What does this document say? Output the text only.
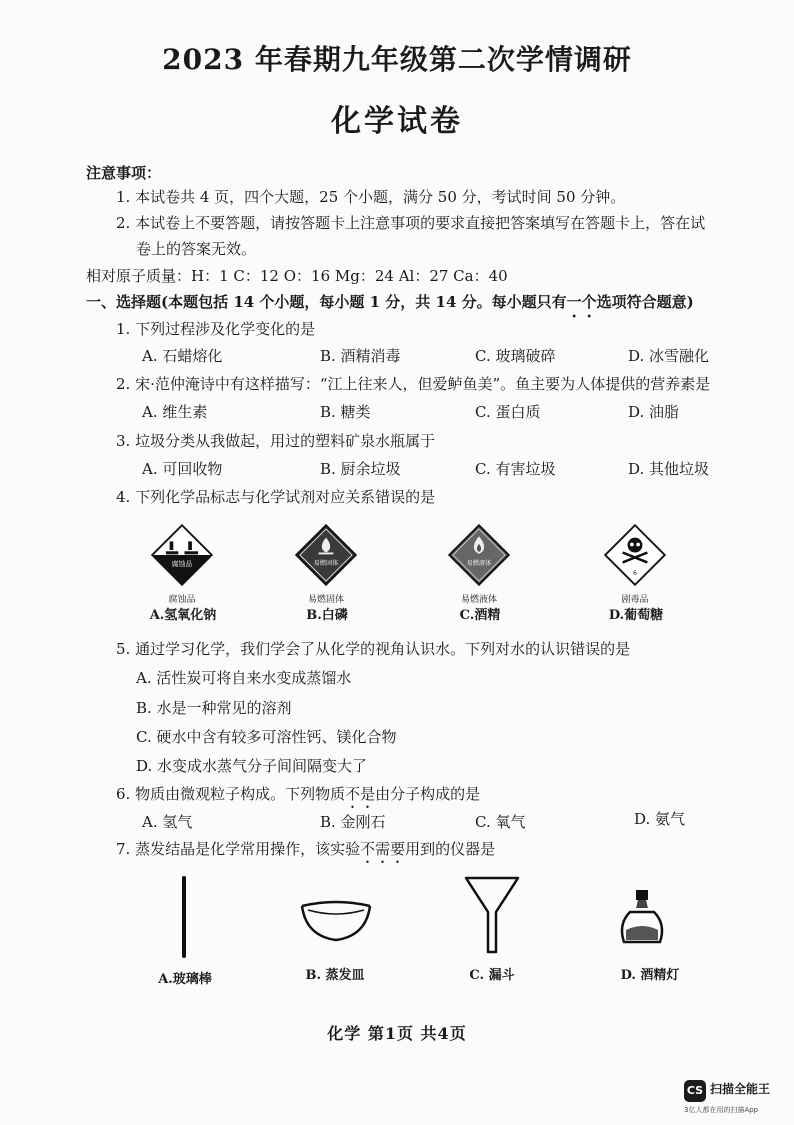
2023 年春期九年级第二次学情调研
化学试卷
注意事项：
1. 本试卷共 4 页，四个大题，25 个小题，满分 50 分，考试时间 50 分钟。
2. 本试卷上不要答题，请按答题卡上注意事项的要求直接把答案填写在答题卡上，答在试
卷上的答案无效。
相对原子质量：H：1 C：12 O：16 Mg：24 Al：27 Ca：40
一、选择题(本题包括 14 个小题，每小题 1 分，共 14 分。每小题只有一个选项符合题意)
1. 下列过程涉及化学变化的是
A. 石蜡熔化	B. 酒精消毒	C. 玻璃破碎	D. 冰雪融化
2. 宋·范仲淹诗中有这样描写：“江上往来人，但爱鲈鱼美”。鱼主要为人体提供的营养素是
A. 维生素	B. 糖类	C. 蛋白质	D. 油脂
3. 垃圾分类从我做起，用过的塑料矿泉水瓶属于
A. 可回收物	B. 厨余垃圾	C. 有害垃圾	D. 其他垃圾
4. 下列化学品标志与化学试剂对应关系错误的是
腐蚀品
腐蚀品
A.氢氧化钠
易燃固体
易燃固体
B.白磷
易燃液体
易燃液体
C.酒精
6
剧毒品
D.葡萄糖
5. 通过学习化学，我们学会了从化学的视角认识水。下列对水的认识错误的是
A. 活性炭可将自来水变成蒸馏水
B. 水是一种常见的溶剂
C. 硬水中含有较多可溶性钙、镁化合物
D. 水变成水蒸气分子间间隔变大了
6. 物质由微观粒子构成。下列物质不是由分子构成的是
A. 氢气	B. 金刚石	C. 氧气	D. 氨气
7. 蒸发结晶是化学常用操作，该实验不需要用到的仪器是
A.玻璃棒	B. 蒸发皿	C. 漏斗	D. 酒精灯
化学 第1页 共4页
CS 扫描全能王
3亿人都在用的扫描App
